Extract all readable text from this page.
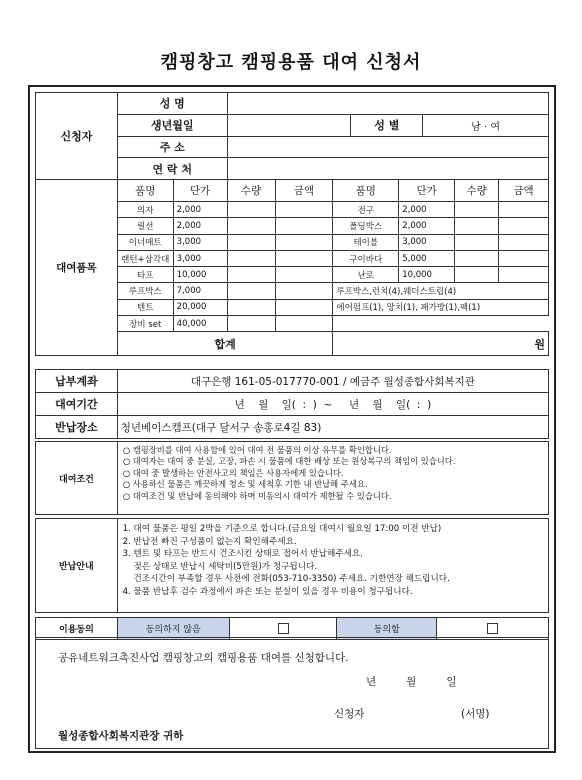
캠핑창고 캠핑용품 대여 신청서
신청자	성 명			
	생년월일		성 별	남 · 여
	주 소			
	연 락 처			
대여품목	품명	단가	수량	금액	품명	단가	수량	금액
	의자	2,000			전구	2,000		
	릴선	2,000			폴딩박스	2,000		
	이너매트	3,000			테이블	3,000		
	랜턴+삼각대	3,000			구이바다	5,000		
	타프	10,000			난로	10,000		
	루프박스	7,000			루프박스,런치(4),웨더스트립(4)			
	텐트	20,000			에어펌프(1), 망치(1), 패가방(1),팩(1)			
	장비 set	40,000						
	합계				원			
납부계좌	대구은행 161-05-017770-001 / 예금주 월성종합사회복지관
대여기간	년    월    일(  :  )  ~     년    월    일(  :  )
반납장소	청년베이스캠프(대구 달서구 송홍로4길 83)
대여조건	
○ 캠핑장비를 대여 사용함에 있어 대여 전 물품의 이상 유무를 확인합니다.
○ 대여자는 대여 중 분실, 고장, 파손 시 물품에 대한 배상 또는 원상복구의 책임이 있습니다.
○ 대여 중 발생하는 안전사고의 책임은 사용자에게 있습니다.
○ 사용하신 물품은 깨끗하게 청소 및 세척후 기한 내 반납해 주세요.
○ 대여조건 및 반납에 동의해야 하며 미동의시 대여가 제한될 수 있습니다.
반납안내	
1. 대여 물품은 평일 2박을 기준으로 합니다.(금요일 대여시 월요일 17:00 이전 반납)
2. 반납전 빠진 구성품이 없는지 확인해주세요.
3. 텐트 및 타프는 반드시 건조시킨 상태로 접어서 반납해주세요.
젖은 상태로 반납시 세탁비(5만원)가 청구됩니다.
건조시간이 부족할 경우 사전에 전화(053-710-3350) 주세요. 기한연장 해드립니다.
4. 물품 반납후 검수 과정에서 파손 또는 분실이 있을 경우 비용이 청구됩니다.
이용동의	동의하지 않음		동의함	

공유네트워크촉진사업 캠핑창고의 캠핑용품 대여를 신청합니다.

년         월         일

신청자	(서명)

월성종합사회복지관장 귀하
